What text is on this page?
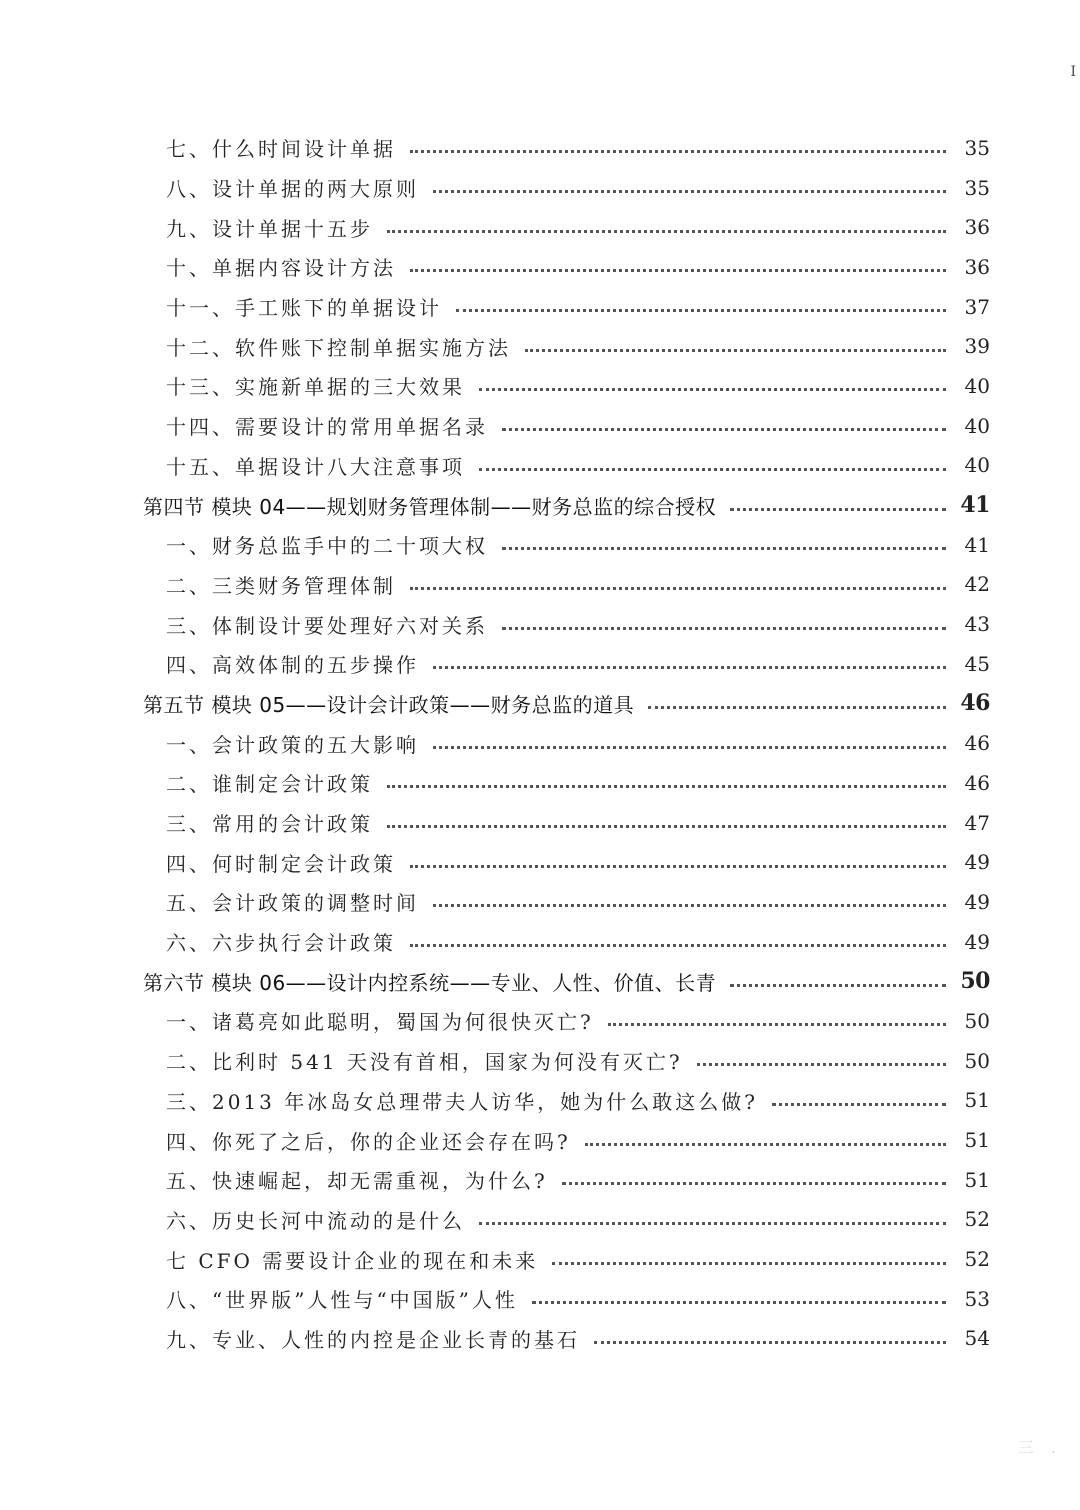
I
七、什么时间设计单据	35
八、设计单据的两大原则	35
九、设计单据十五步	36
十、单据内容设计方法	36
十一、手工账下的单据设计	37
十二、软件账下控制单据实施方法	39
十三、实施新单据的三大效果	40
十四、需要设计的常用单据名录	40
十五、单据设计八大注意事项	40
第四节 模块 04——规划财务管理体制——财务总监的综合授权	41
一、财务总监手中的二十项大权	41
二、三类财务管理体制	42
三、体制设计要处理好六对关系	43
四、高效体制的五步操作	45
第五节 模块 05——设计会计政策——财务总监的道具	46
一、会计政策的五大影响	46
二、谁制定会计政策	46
三、常用的会计政策	47
四、何时制定会计政策	49
五、会计政策的调整时间	49
六、六步执行会计政策	49
第六节 模块 06——设计内控系统——专业、人性、价值、长青	50
一、诸葛亮如此聪明，蜀国为何很快灭亡?	50
二、比利时 541 天没有首相，国家为何没有灭亡?	50
三、2013 年冰岛女总理带夫人访华，她为什么敢这么做?	51
四、你死了之后，你的企业还会存在吗?	51
五、快速崛起，却无需重视，为什么?	51
六、历史长河中流动的是什么	52
七 CFO 需要设计企业的现在和未来	52
八、“世界版”人性与“中国版”人性	53
九、专业、人性的内控是企业长青的基石	54
三 .
